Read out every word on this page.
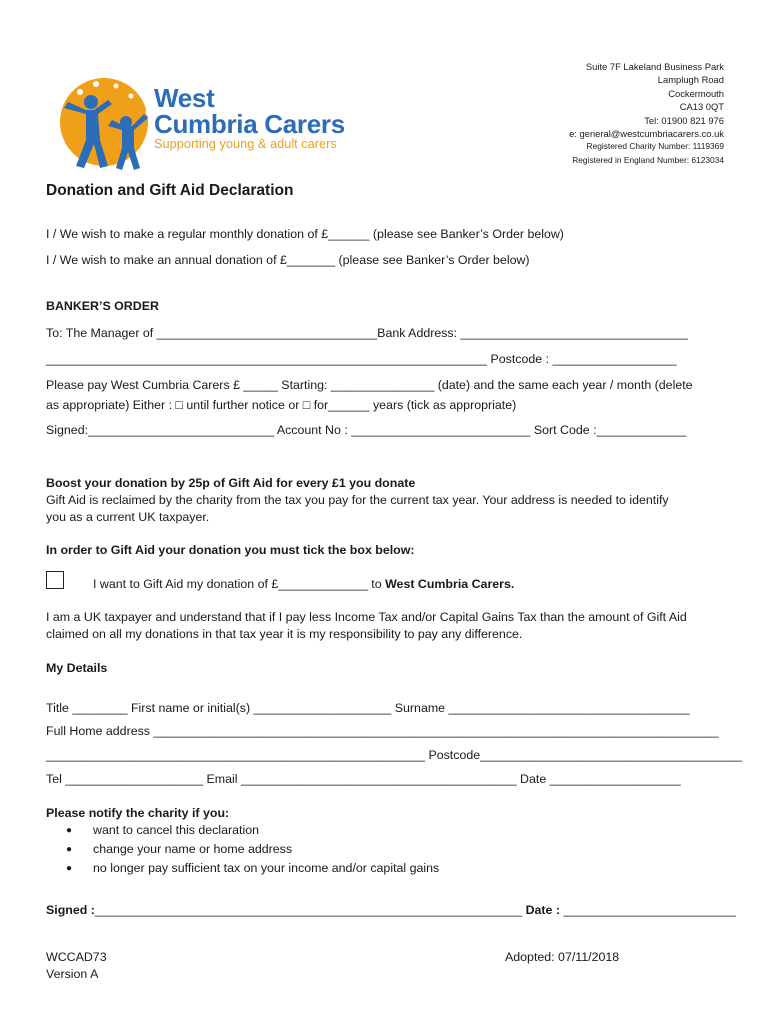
West
Cumbria Carers
Supporting young & adult carers
Suite 7F Lakeland Business Park
Lamplugh Road
Cockermouth
CA13 0QT
Tel: 01900 821 976
e: general@westcumbriacarers.co.uk
Registered Charity Number: 1119369
Registered in England Number: 6123034
Donation and Gift Aid Declaration
I / We wish to make a regular monthly donation of £______ (please see Banker’s Order below)
I / We wish to make an annual donation of £_______ (please see Banker’s Order below)
BANKER’S ORDER
To: The Manager of ________________________________Bank Address: _________________________________
________________________________________________________________ Postcode : __________________
Please pay West Cumbria Carers £ _____ Starting: _______________ (date) and the same each year / month (delete
as appropriate) Either : □ until further notice or □ for______ years (tick as appropriate)
Signed:___________________________ Account No : __________________________ Sort Code :_____________
Boost your donation by 25p of Gift Aid for every £1 you donate
Gift Aid is reclaimed by the charity from the tax you pay for the current tax year. Your address is needed to identify
you as a current UK taxpayer.
In order to Gift Aid your donation you must tick the box below:
I want to Gift Aid my donation of £_____________ to West Cumbria Carers.
I am a UK taxpayer and understand that if I pay less Income Tax and/or Capital Gains Tax than the amount of Gift Aid
claimed on all my donations in that tax year it is my responsibility to pay any difference.
My Details
Title ________ First name or initial(s) ____________________ Surname ___________________________________
Full Home address __________________________________________________________________________________
_______________________________________________________ Postcode______________________________________
Tel ____________________ Email ________________________________________ Date ___________________
Please notify the charity if you:
● want to cancel this declaration
● change your name or home address
● no longer pay sufficient tax on your income and/or capital gains
Signed :______________________________________________________________ Date : _________________________
WCCAD73
Version A
Adopted: 07/11/2018
